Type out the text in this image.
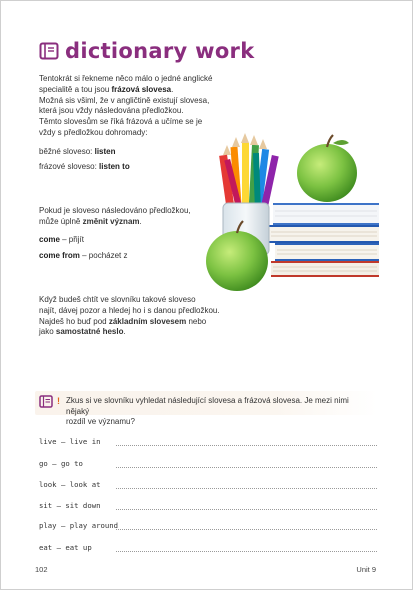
dictionary work
Tentokrát si řekneme něco málo o jedné anglické
specialitě a tou jsou frázová slovesa.
Možná sis všiml, že v angličtině existují slovesa,
která jsou vždy následována předložkou.
Těmto slovesům se říká frázová a učíme se je
vždy s předložkou dohromady:
běžné sloveso: listen
frázové sloveso: listen to
Pokud je sloveso následováno předložkou,
může úplně změnit význam.
come – přijít
come from – pocházet z
Když budeš chtít ve slovníku takové sloveso
najít, dávej pozor a hledej ho i s danou předložkou.
Najdeš ho buď pod základním slovesem nebo
jako samostatné heslo.
! Zkus si ve slovníku vyhledat následující slovesa a frázová slovesa. Je mezi nimi nějaký
rozdíl ve významu?
live – live in
go – go to
look – look at
sit – sit down
play – play around
eat – eat up
102	Unit 9
